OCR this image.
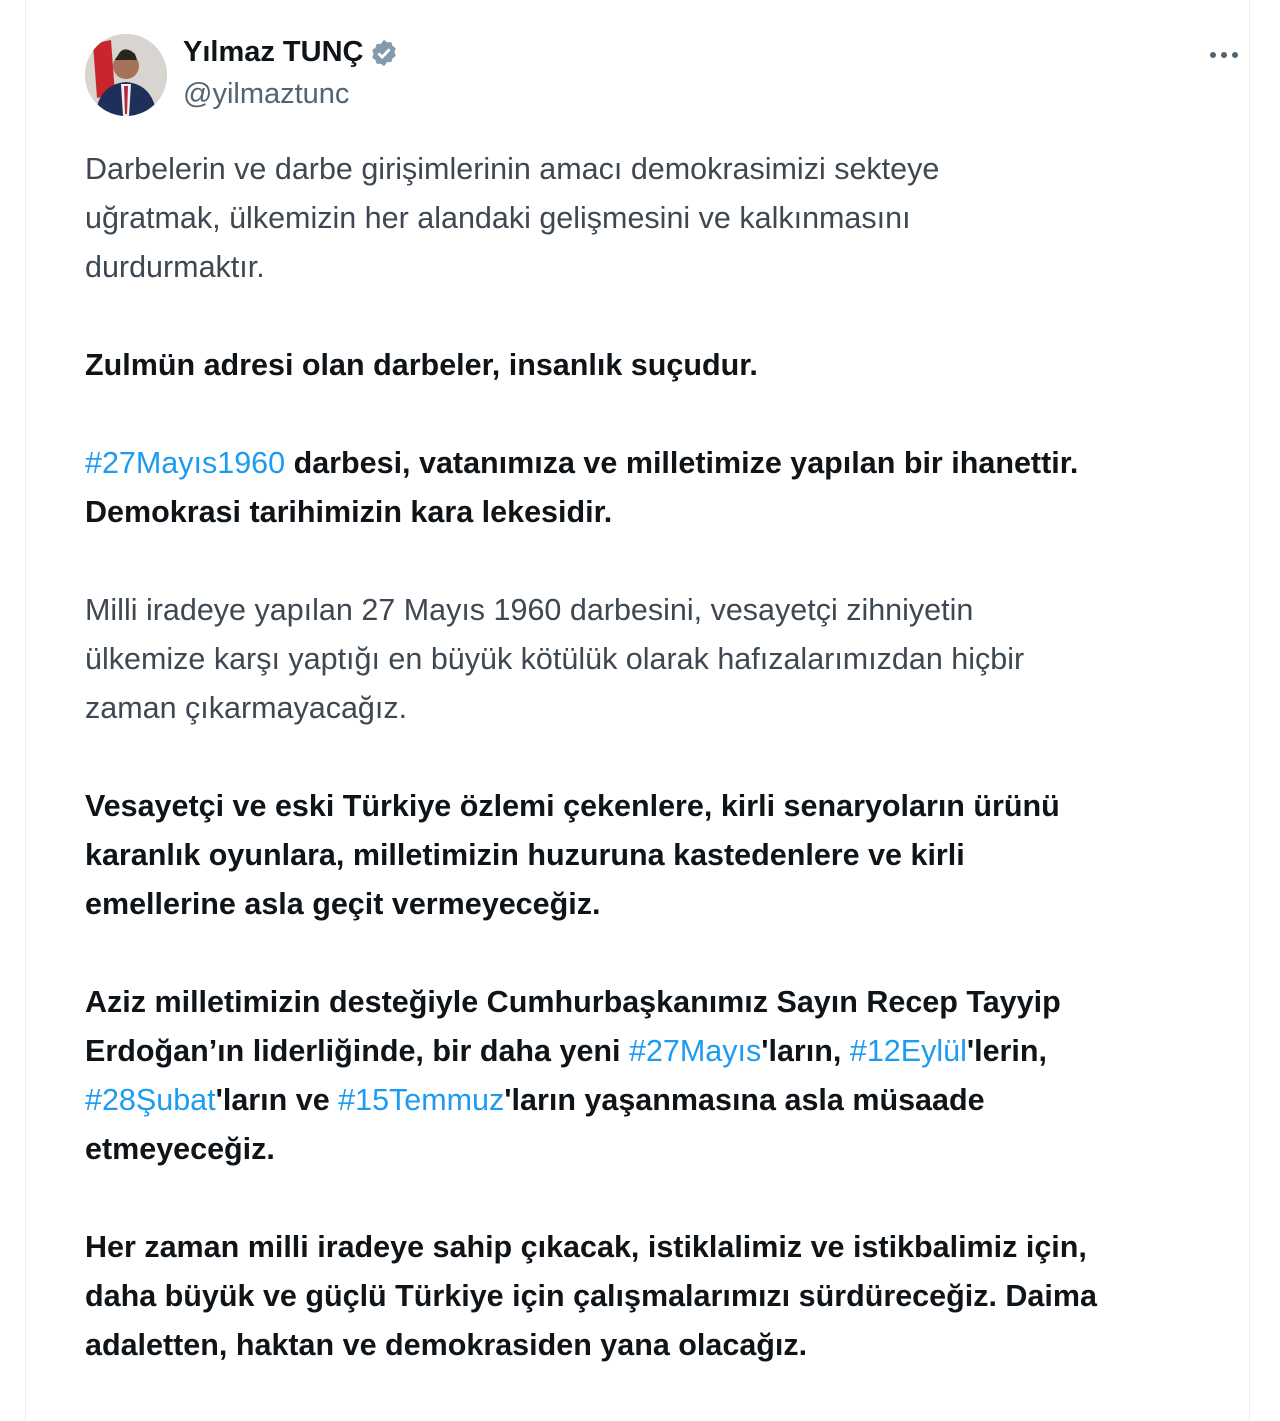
Yılmaz TUNÇ
@yilmaztunc
Darbelerin ve darbe girişimlerinin amacı demokrasimizi sekteye
uğratmak, ülkemizin her alandaki gelişmesini ve kalkınmasını
durdurmaktır.
Zulmün adresi olan darbeler, insanlık suçudur.
#27Mayıs1960 darbesi, vatanımıza ve milletimize yapılan bir ihanettir.
Demokrasi tarihimizin kara lekesidir.
Milli iradeye yapılan 27 Mayıs 1960 darbesini, vesayetçi zihniyetin
ülkemize karşı yaptığı en büyük kötülük olarak hafızalarımızdan hiçbir
zaman çıkarmayacağız.
Vesayetçi ve eski Türkiye özlemi çekenlere, kirli senaryoların ürünü
karanlık oyunlara, milletimizin huzuruna kastedenlere ve kirli
emellerine asla geçit vermeyeceğiz.
Aziz milletimizin desteğiyle Cumhurbaşkanımız Sayın Recep Tayyip
Erdoğan’ın liderliğinde, bir daha yeni #27Mayıs'ların, #12Eylül'lerin,
#28Şubat'ların ve #15Temmuz'ların yaşanmasına asla müsaade
etmeyeceğiz.
Her zaman milli iradeye sahip çıkacak, istiklalimiz ve istikbalimiz için,
daha büyük ve güçlü Türkiye için çalışmalarımızı sürdüreceğiz. Daima
adaletten, haktan ve demokrasiden yana olacağız.
